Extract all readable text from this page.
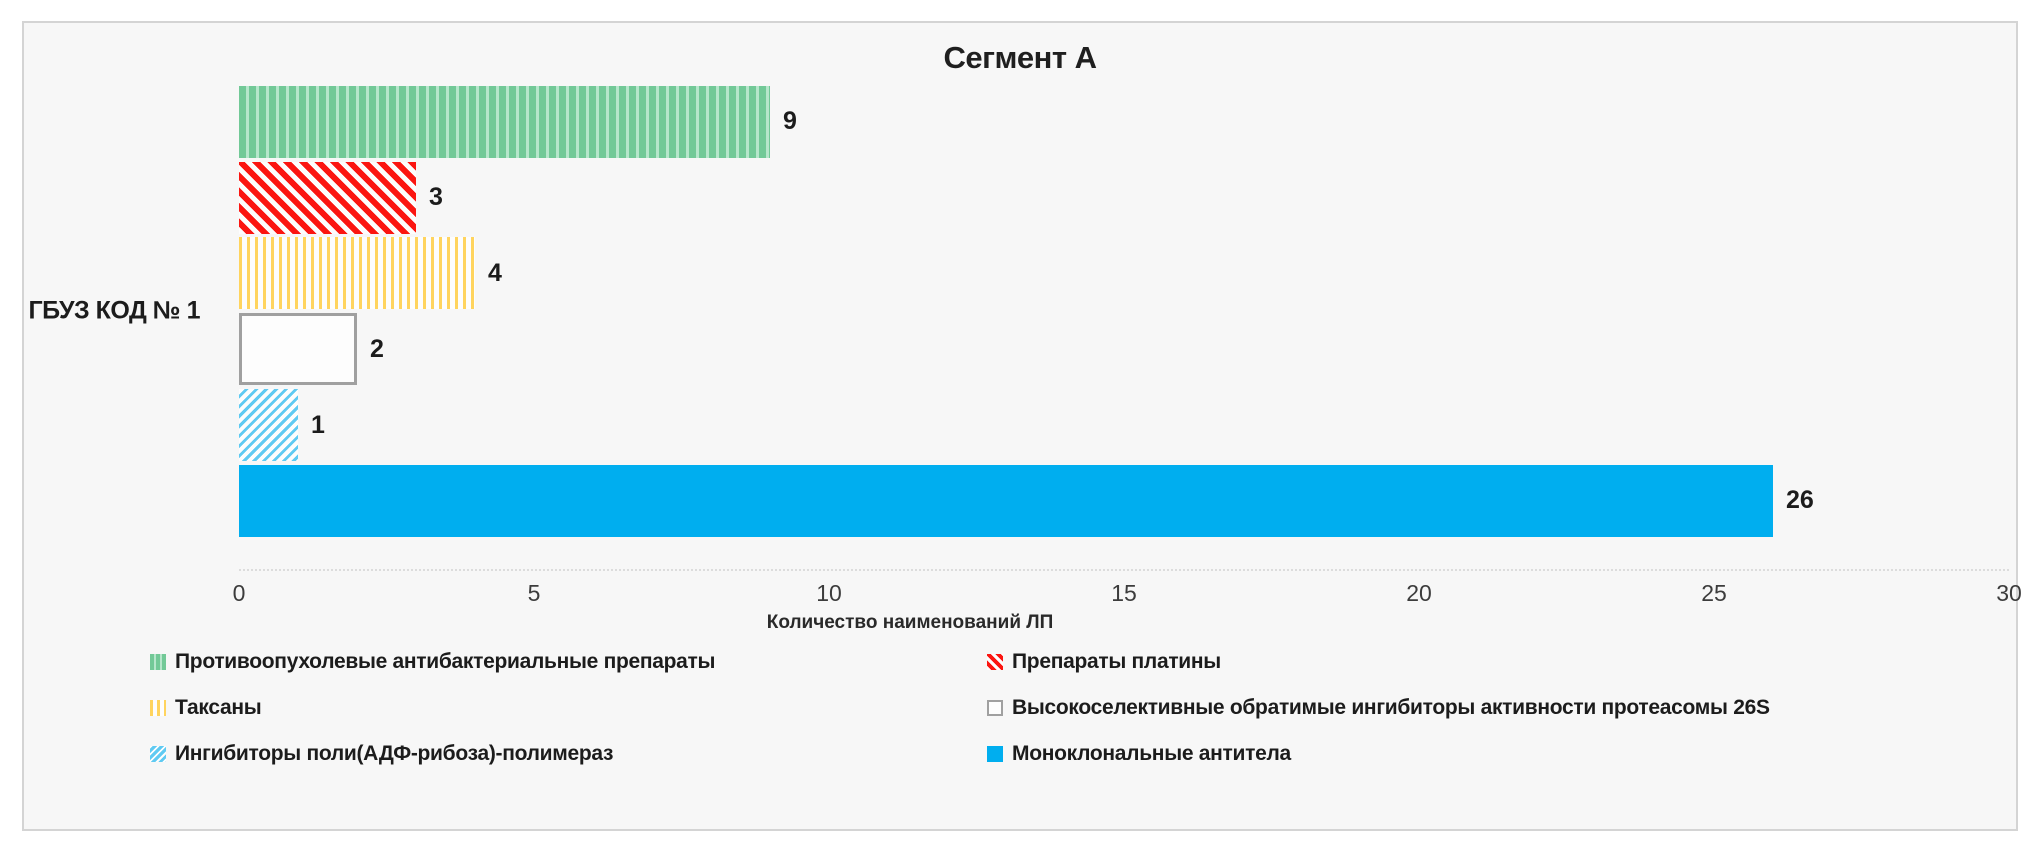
Сегмент А
ГБУЗ КОД № 1
9
3
4
2
1
26
0	5	10	15	20	25	30
Количество наименований ЛП
Противоопухолевые антибактериальные препараты
Таксаны
Ингибиторы поли(АДФ-рибоза)-полимераз
Препараты платины
Высокоселективные обратимые ингибиторы активности протеасомы 26S
Моноклональные антитела
